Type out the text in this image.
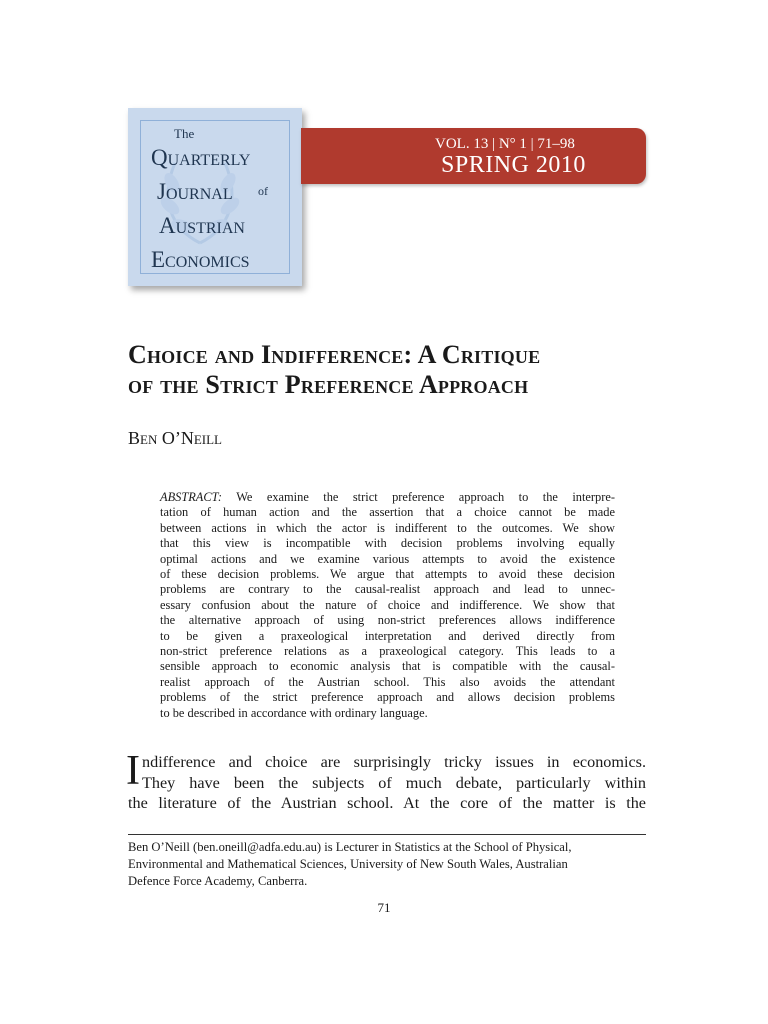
The
Quarterly
Journal of
Austrian
Economics
VOL. 13 | N° 1 | 71–98
SPRING 2010
Choice and Indifference: A Critique
of the Strict Preference Approach
Ben O’Neill
ABSTRACT: We examine the strict preference approach to the interpre-
tation of human action and the assertion that a choice cannot be made
between actions in which the actor is indifferent to the outcomes. We show
that this view is incompatible with decision problems involving equally
optimal actions and we examine various attempts to avoid the existence
of these decision problems. We argue that attempts to avoid these decision
problems are contrary to the causal-realist approach and lead to unnec-
essary confusion about the nature of choice and indifference. We show that
the alternative approach of using non-strict preferences allows indifference
to be given a praxeological interpretation and derived directly from
non-strict preference relations as a praxeological category. This leads to a
sensible approach to economic analysis that is compatible with the causal-
realist approach of the Austrian school. This also avoids the attendant
problems of the strict preference approach and allows decision problems
to be described in accordance with ordinary language.
I ndifference and choice are surprisingly tricky issues in economics.
They have been the subjects of much debate, particularly within
the literature of the Austrian school. At the core of the matter is the
Ben O’Neill (ben.oneill@adfa.edu.au) is Lecturer in Statistics at the School of Physical,
Environmental and Mathematical Sciences, University of New South Wales, Australian
Defence Force Academy, Canberra.
71
